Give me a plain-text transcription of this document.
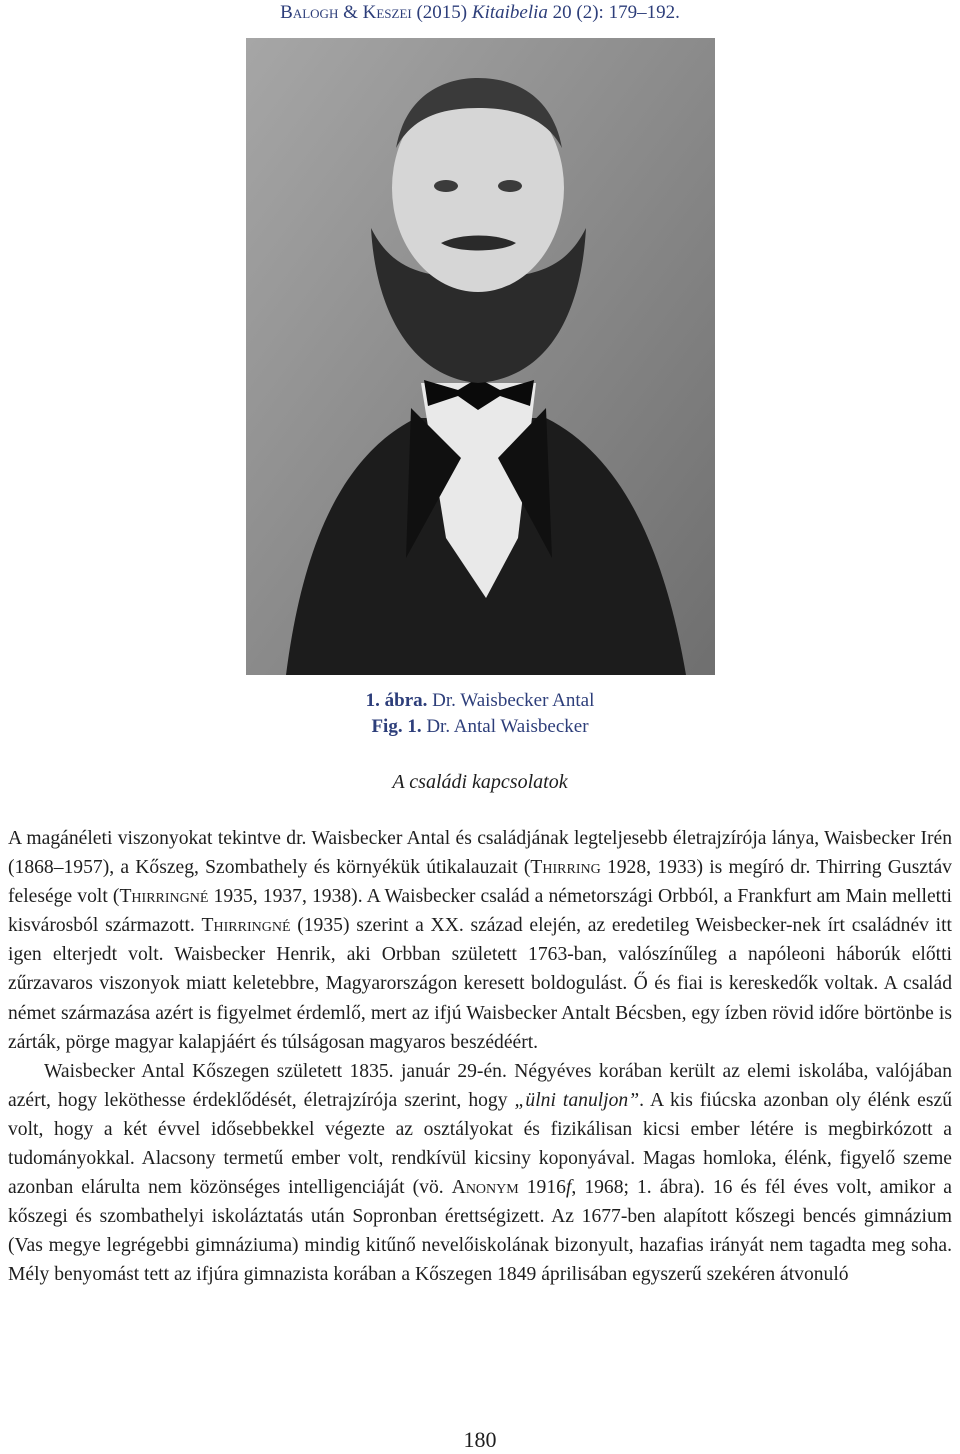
Balogh & Keszei (2015) Kitaibelia 20 (2): 179–192.
1. ábra. Dr. Waisbecker Antal
Fig. 1. Dr. Antal Waisbecker
A családi kapcsolatok

A magánéleti viszonyokat tekintve dr. Waisbecker Antal és családjának legteljesebb életrajzírója lánya, Waisbecker Irén (1868–1957), a Kőszeg, Szombathely és környékük útikalauzait (Thirring 1928, 1933) is megíró dr. Thirring Gusztáv felesége volt (Thirringné 1935, 1937, 1938). A Waisbecker család a németországi Orbból, a Frankfurt am Main melletti kisvárosból származott. Thirringné (1935) szerint a XX. század elején, az eredetileg Weisbecker-nek írt családnév itt igen elterjedt volt. Waisbecker Henrik, aki Orbban született 1763-ban, valószínűleg a napóleoni háborúk előtti zűrzavaros viszonyok miatt keletebbre, Magyarországon keresett boldogulást. Ő és fiai is kereskedők voltak. A család német származása azért is figyelmet érdemlő, mert az ifjú Waisbecker Antalt Bécsben, egy ízben rövid időre börtönbe is zárták, pörge magyar kalapjáért és túlságosan magyaros beszédéért.

Waisbecker Antal Kőszegen született 1835. január 29-én. Négyéves korában került az elemi iskolába, valójában azért, hogy leköthesse érdeklődését, életrajzírója szerint, hogy „ülni tanuljon”. A kis fiúcska azonban oly élénk eszű volt, hogy a két évvel idősebbekkel végezte az osztályokat és fizikálisan kicsi ember létére is megbirkózott a tudományokkal. Alacsony termetű ember volt, rendkívül kicsiny koponyával. Magas homloka, élénk, figyelő szeme azonban elárulta nem közönséges intelligenciáját (vö. Anonym 1916f, 1968; 1. ábra). 16 és fél éves volt, amikor a kőszegi és szombathelyi iskoláztatás után Sopronban érettségizett. Az 1677-ben alapított kőszegi bencés gimnázium (Vas megye legrégebbi gimnáziuma) mindig kitűnő nevelőiskolának bizonyult, hazafias irányát nem tagadta meg soha. Mély benyomást tett az ifjúra gimnazista korában a Kőszegen 1849 áprilisában egyszerű szekéren átvonuló

180
